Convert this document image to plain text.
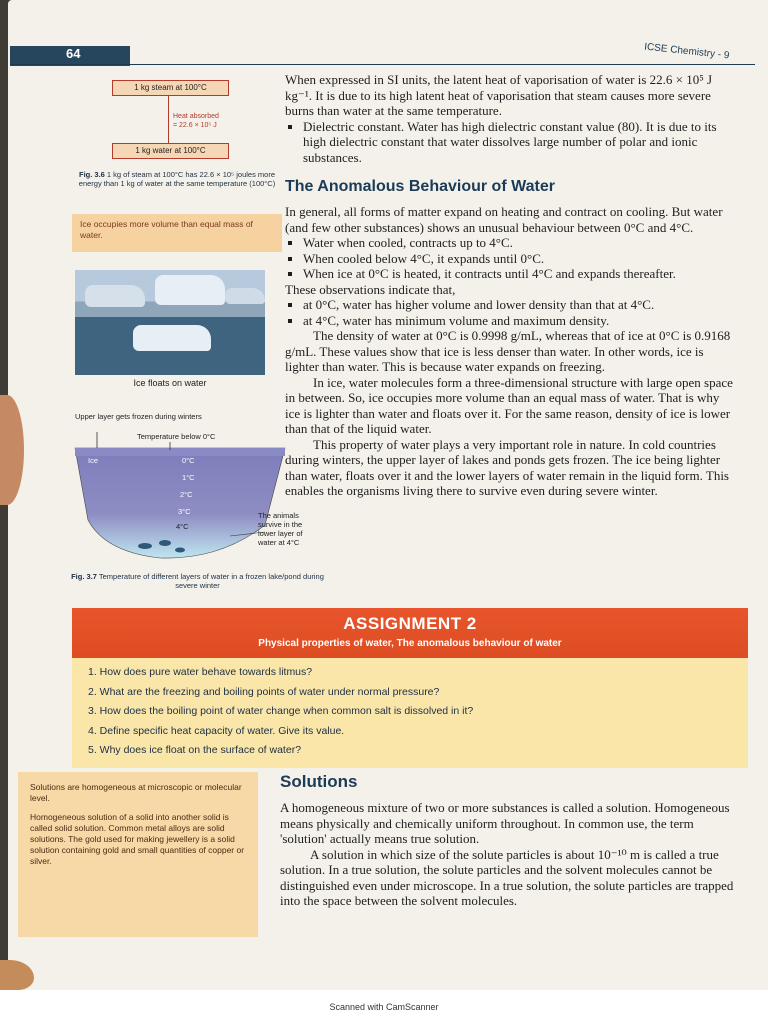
64	ICSE Chemistry - 9
1 kg steam at 100°C
Heat absorbed
= 22.6 × 10⁵ J
1 kg water at 100°C
Fig. 3.6 1 kg of steam at 100°C has 22.6 × 10⁵ joules more energy than 1 kg of water at the same temperature (100°C)
Ice occupies more volume than equal mass of water.
Ice floats on water
Upper layer gets frozen during winters
Temperature below 0°C
Ice	0°C
1°C
2°C
3°C
4°C
The animals survive in the lower layer of water at 4°C
Fig. 3.7 Temperature of different layers of water in a frozen lake/pond during severe winter

When expressed in SI units, the latent heat of vaporisation of water is 22.6 × 10⁵ J kg⁻¹. It is due to its high latent heat of vaporisation that steam causes more severe burns than water at the same temperature.

▪ Dielectric constant. Water has high dielectric constant value (80). It is due to its high dielectric constant that water dissolves large number of polar and ionic substances.
The Anomalous Behaviour of Water

In general, all forms of matter expand on heating and contract on cooling. But water (and few other substances) shows an unusual behaviour between 0°C and 4°C.

▪ Water when cooled, contracts up to 4°C.
▪ When cooled below 4°C, it expands until 0°C.
▪ When ice at 0°C is heated, it contracts until 4°C and expands thereafter.

These observations indicate that,

▪ at 0°C, water has higher volume and lower density than that at 4°C.
▪ at 4°C, water has minimum volume and maximum density.

The density of water at 0°C is 0.9998 g/mL, whereas that of ice at 0°C is 0.9168 g/mL. These values show that ice is less denser than water. In other words, ice is lighter than water. This is because water expands on freezing.

In ice, water molecules form a three-dimensional structure with large open space in between. So, ice occupies more volume than an equal mass of water. That is why ice is lighter than water and floats over it. For the same reason, density of ice is lower than that of the liquid water.

This property of water plays a very important role in nature. In cold countries during winters, the upper layer of lakes and ponds gets frozen. The ice being lighter than water, floats over it and the lower layers of water remain in the liquid form. This enables the organisms living there to survive even during severe winter.

ASSIGNMENT 2
Physical properties of water, The anomalous behaviour of water
1. How does pure water behave towards litmus?
2. What are the freezing and boiling points of water under normal pressure?
3. How does the boiling point of water change when common salt is dissolved in it?
4. Define specific heat capacity of water. Give its value.
5. Why does ice float on the surface of water?

Solutions are homogeneous at microscopic or molecular level.

Homogeneous solution of a solid into another solid is called solid solution. Common metal alloys are solid solutions. The gold used for making jewellery is a solid solution containing gold and small quantities of copper or silver.

Solutions

A homogeneous mixture of two or more substances is called a solution. Homogeneous means physically and chemically uniform throughout. In common use, the term 'solution' actually means true solution.

A solution in which size of the solute particles is about 10⁻¹⁰ m is called a true solution. In a true solution, the solute particles and the solvent molecules cannot be distinguished even under microscope. In a true solution, the solute particles are trapped into the space between the solvent molecules.

Scanned with CamScanner
